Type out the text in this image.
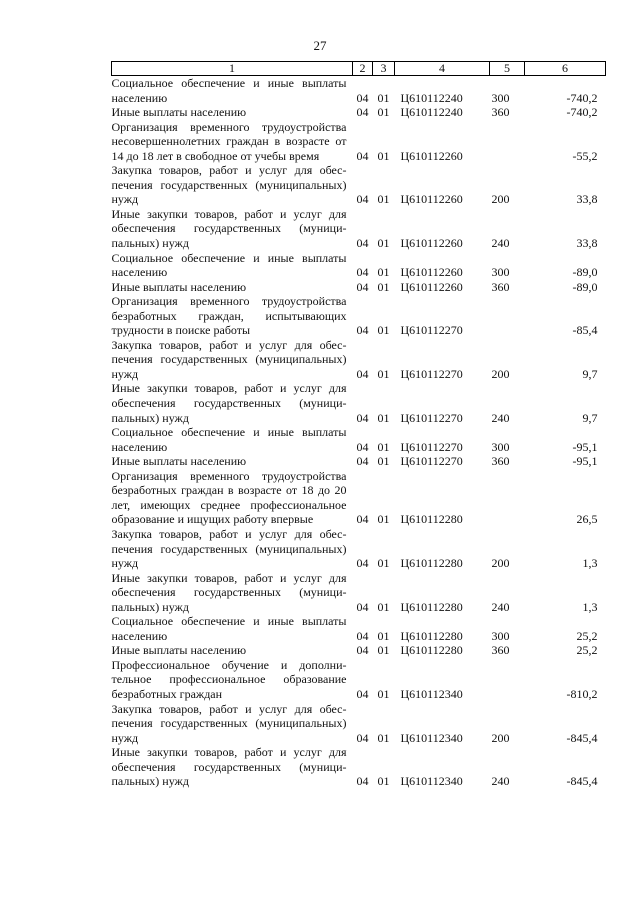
27
1	2	3	4	5	6
Социальное обеспечение и иные выплаты населению	04	01	Ц610112240	300	-740,2
Иные выплаты населению	04	01	Ц610112240	360	-740,2
Организация временного трудоустройства несовершеннолетних граждан в возрасте от 14 до 18 лет в свободное от учебы время	04	01	Ц610112260		-55,2
Закупка товаров, работ и услуг для обеспечения государственных (муниципальных) нужд	04	01	Ц610112260	200	33,8
Иные закупки товаров, работ и услуг для обеспечения государственных (муниципальных) нужд	04	01	Ц610112260	240	33,8
Социальное обеспечение и иные выплаты населению	04	01	Ц610112260	300	-89,0
Иные выплаты населению	04	01	Ц610112260	360	-89,0
Организация временного трудоустройства безработных граждан, испытывающих трудности в поиске работы	04	01	Ц610112270		-85,4
Закупка товаров, работ и услуг для обеспечения государственных (муниципальных) нужд	04	01	Ц610112270	200	9,7
Иные закупки товаров, работ и услуг для обеспечения государственных (муниципальных) нужд	04	01	Ц610112270	240	9,7
Социальное обеспечение и иные выплаты населению	04	01	Ц610112270	300	-95,1
Иные выплаты населению	04	01	Ц610112270	360	-95,1
Организация временного трудоустройства безработных граждан в возрасте от 18 до 20 лет, имеющих среднее профессиональное образование и ищущих работу впервые	04	01	Ц610112280		26,5
Закупка товаров, работ и услуг для обеспечения государственных (муниципальных) нужд	04	01	Ц610112280	200	1,3
Иные закупки товаров, работ и услуг для обеспечения государственных (муниципальных) нужд	04	01	Ц610112280	240	1,3
Социальное обеспечение и иные выплаты населению	04	01	Ц610112280	300	25,2
Иные выплаты населению	04	01	Ц610112280	360	25,2
Профессиональное обучение и дополнительное профессиональное образование безработных граждан	04	01	Ц610112340		-810,2
Закупка товаров, работ и услуг для обеспечения государственных (муниципальных) нужд	04	01	Ц610112340	200	-845,4
Иные закупки товаров, работ и услуг для обеспечения государственных (муниципальных) нужд	04	01	Ц610112340	240	-845,4
